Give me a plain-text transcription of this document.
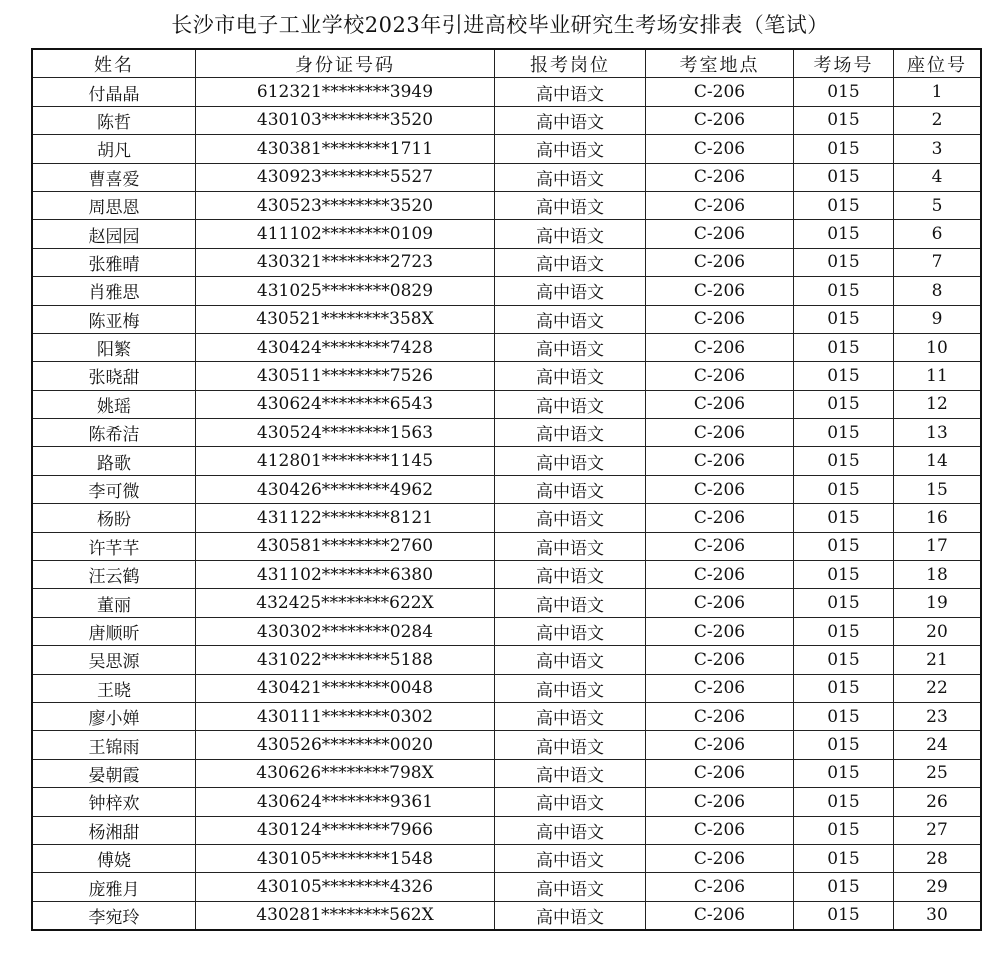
长沙市电子工业学校2023年引进高校毕业研究生考场安排表（笔试）
姓名	身份证号码	报考岗位	考室地点	考场号	座位号
付晶晶	612321********3949	高中语文	C-206	015	1
陈哲	430103********3520	高中语文	C-206	015	2
胡凡	430381********1711	高中语文	C-206	015	3
曹喜爱	430923********5527	高中语文	C-206	015	4
周思恩	430523********3520	高中语文	C-206	015	5
赵园园	411102********0109	高中语文	C-206	015	6
张雅晴	430321********2723	高中语文	C-206	015	7
肖雅思	431025********0829	高中语文	C-206	015	8
陈亚梅	430521********358X	高中语文	C-206	015	9
阳繁	430424********7428	高中语文	C-206	015	10
张晓甜	430511********7526	高中语文	C-206	015	11
姚瑶	430624********6543	高中语文	C-206	015	12
陈希洁	430524********1563	高中语文	C-206	015	13
路歌	412801********1145	高中语文	C-206	015	14
李可微	430426********4962	高中语文	C-206	015	15
杨盼	431122********8121	高中语文	C-206	015	16
许芊芊	430581********2760	高中语文	C-206	015	17
汪云鹤	431102********6380	高中语文	C-206	015	18
董丽	432425********622X	高中语文	C-206	015	19
唐顺昕	430302********0284	高中语文	C-206	015	20
吴思源	431022********5188	高中语文	C-206	015	21
王晓	430421********0048	高中语文	C-206	015	22
廖小婵	430111********0302	高中语文	C-206	015	23
王锦雨	430526********0020	高中语文	C-206	015	24
晏朝霞	430626********798X	高中语文	C-206	015	25
钟梓欢	430624********9361	高中语文	C-206	015	26
杨湘甜	430124********7966	高中语文	C-206	015	27
傅娆	430105********1548	高中语文	C-206	015	28
庞雅月	430105********4326	高中语文	C-206	015	29
李宛玲	430281********562X	高中语文	C-206	015	30
